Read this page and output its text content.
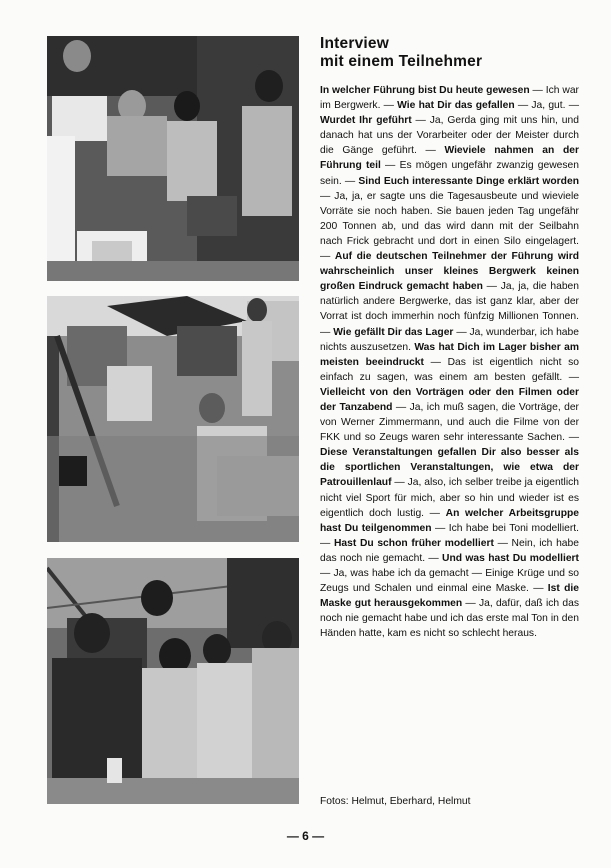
Interview
mit einem Teilnehmer

In welcher Führung bist Du heute gewesen — Ich war im Bergwerk. — Wie hat Dir das gefallen — Ja, gut. — Wurdet Ihr geführt — Ja, Gerda ging mit uns hin, und danach hat uns der Vorarbeiter oder der Meister durch die Gänge geführt. — Wieviele nahmen an der Führung teil — Es mögen ungefähr zwanzig gewesen sein. — Sind Euch interessante Dinge erklärt worden — Ja, ja, er sagte uns die Tagesausbeute und wieviele Vorräte sie noch haben. Sie bauen jeden Tag ungefähr 200 Tonnen ab, und das wird dann mit der Seilbahn nach Frick gebracht und dort in einen Silo eingelagert. — Auf die deutschen Teilnehmer der Führung wird wahrscheinlich unser kleines Bergwerk keinen großen Eindruck gemacht haben — Ja, ja, die haben natürlich andere Bergwerke, das ist ganz klar, aber der Vorrat ist doch immerhin noch fünfzig Millionen Tonnen. — Wie gefällt Dir das Lager — Ja, wunderbar, ich habe nichts auszusetzen. Was hat Dich im Lager bisher am meisten beeindruckt — Das ist eigentlich nicht so einfach zu sagen, was einem am besten gefällt. — Vielleicht von den Vorträgen oder den Filmen oder der Tanzabend — Ja, ich muß sagen, die Vorträge, der von Werner Zimmermann, und auch die Filme von der FKK und so Zeugs waren sehr interessante Sachen. — Diese Veranstaltungen gefallen Dir also besser als die sportlichen Veranstaltungen, wie etwa der Patrouillenlauf — Ja, also, ich selber treibe ja eigentlich nicht viel Sport für mich, aber so hin und wieder ist es eigentlich doch lustig. — An welcher Arbeitsgruppe hast Du teilgenommen — Ich habe bei Toni modelliert. — Hast Du schon früher modelliert — Nein, ich habe das noch nie gemacht. — Und was hast Du modelliert — Ja, was habe ich da gemacht — Einige Krüge und so Zeugs und Schalen und einmal eine Maske. — Ist die Maske gut herausgekommen — Ja, dafür, daß ich das noch nie gemacht habe und ich das erste mal Ton in den Händen hatte, kam es nicht so schlecht heraus.

Fotos: Helmut, Eberhard, Helmut
— 6 —
